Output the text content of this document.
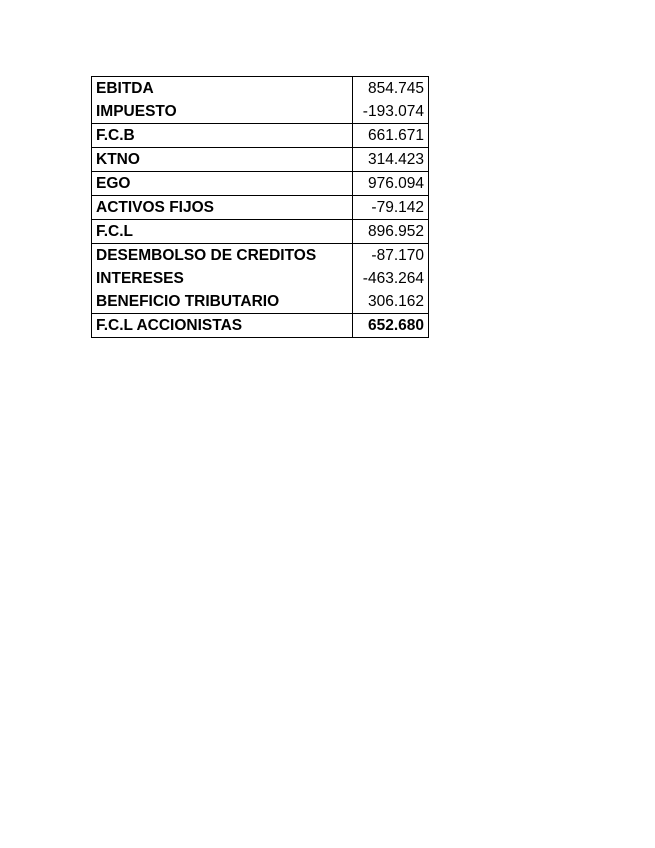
EBITDA	854.745
IMPUESTO	-193.074
F.C.B	661.671
KTNO	314.423
EGO	976.094
ACTIVOS FIJOS	-79.142
F.C.L	896.952
DESEMBOLSO DE CREDITOS	-87.170
INTERESES	-463.264
BENEFICIO TRIBUTARIO	306.162
F.C.L ACCIONISTAS	652.680
